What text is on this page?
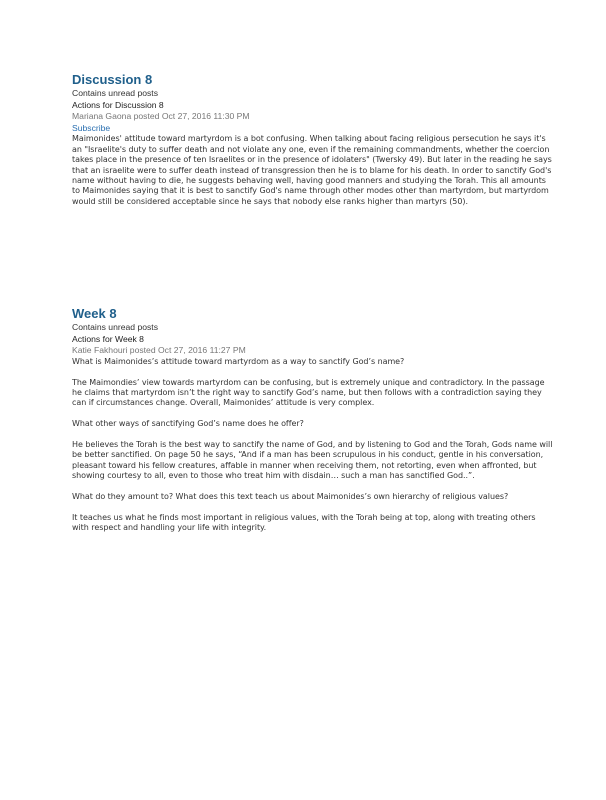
Discussion 8
Contains unread posts
Actions for Discussion 8
Mariana Gaona posted Oct 27, 2016 11:30 PM
Subscribe

Maimonides' attitude toward martyrdom is a bot confusing. When talking about facing religious persecution he says it's an "Israelite's duty to suffer death and not violate any one, even if the remaining commandments, whether the coercion takes place in the presence of ten Israelites or in the presence of idolaters" (Twersky 49). But later in the reading he says that an israelite were to suffer death instead of transgression then he is to blame for his death. In order to sanctify God's name without having to die, he suggests behaving well, having good manners and studying the Torah. This all amounts to Maimonides saying that it is best to sanctify God's name through other modes other than martyrdom, but martyrdom would still be considered acceptable since he says that nobody else ranks higher than martyrs (50).

Week 8
Contains unread posts
Actions for Week 8
Katie Fakhouri posted Oct 27, 2016 11:27 PM

What is Maimonides’s attitude toward martyrdom as a way to sanctify God’s name?

The Maimondies’ view towards martyrdom can be confusing, but is extremely unique and contradictory. In the passage he claims that martyrdom isn’t the right way to sanctify God’s name, but then follows with a contradiction saying they can if circumstances change. Overall, Maimonides’ attitude is very complex.

What other ways of sanctifying God’s name does he offer?

He believes the Torah is the best way to sanctify the name of God, and by listening to God and the Torah, Gods name will be better sanctified. On page 50 he says, “And if a man has been scrupulous in his conduct, gentle in his conversation, pleasant toward his fellow creatures, affable in manner when receiving them, not retorting, even when affronted, but showing courtesy to all, even to those who treat him with disdain… such a man has sanctified God..”.

What do they amount to? What does this text teach us about Maimonides’s own hierarchy of religious values?

It teaches us what he finds most important in religious values, with the Torah being at top, along with treating others with respect and handling your life with integrity.
